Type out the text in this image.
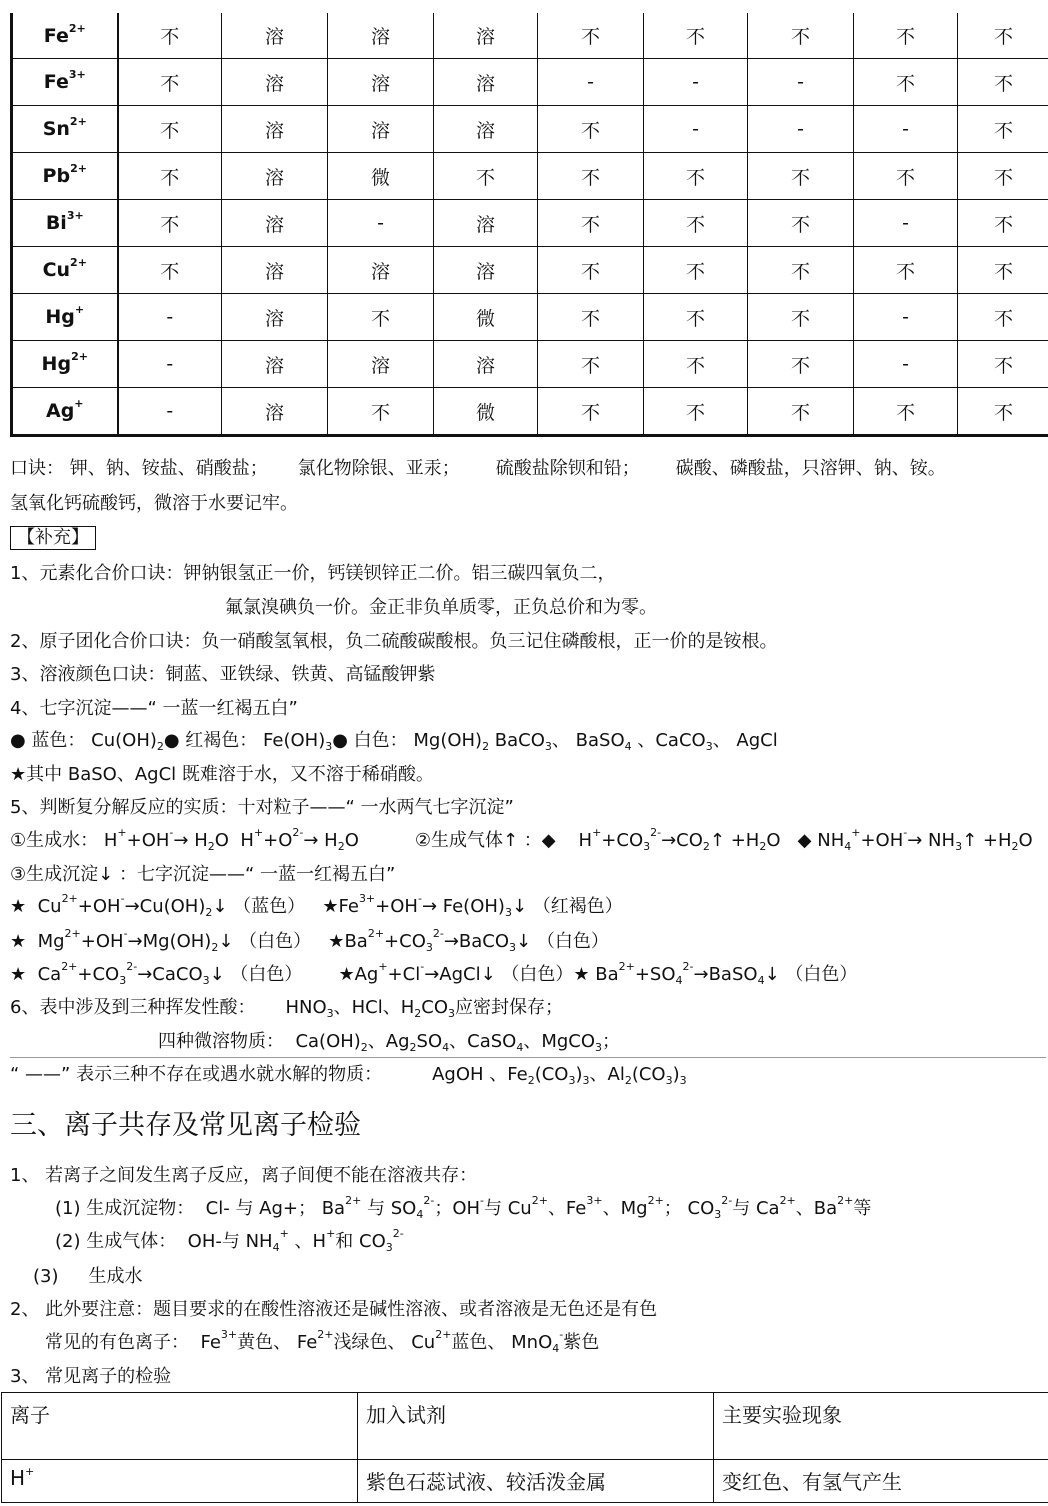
$Fe^{2+}$	不	溶	溶	溶	不	不	不	不	不
$Fe^{3+}$	不	溶	溶	溶	-	-	-	不	不
$Sn^{2+}$	不	溶	溶	溶	不	-	-	-	不
$Pb^{2+}$	不	溶	微	不	不	不	不	不	不
$Bi^{3+}$	不	溶	-	溶	不	不	不	-	不
$Cu^{2+}$	不	溶	溶	溶	不	不	不	不	不
Hg+	-	溶	不	微	不	不	不	-	不
$Hg^{2+}$	-	溶	溶	溶	不	不	不	-	不
Ag+	-	溶	不	微	不	不	不	不	不
口诀： 钾、钠、铵盐、硝酸盐； 氯化物除银、亚汞； 硫酸盐除钡和铅； 碳酸、磷酸盐，只溶钾、钠、铵。
氢氧化钙硫酸钙，微溶于水要记牢。
【补充】
1、元素化合价口诀：钾钠银氢正一价，钙镁钡锌正二价。铝三碳四氧负二，
氟氯溴碘负一价。金正非负单质零，正负总价和为零。
2、原子团化合价口诀：负一硝酸氢氧根，负二硫酸碳酸根。负三记住磷酸根，正一价的是铵根。
3、溶液颜色口诀：铜蓝、亚铁绿、铁黄、高锰酸钾紫
4、七字沉淀——“ 一蓝一红褐五白”
● 蓝色： $Cu(OH)_2●$ 红褐色： $Fe(OH)_3●$ 白色： $Mg(OH)_2$ BaCO$_3$、 BaSO$_4$ 、CaCO$_3$、 AgCl
★其中 BaSO、AgCl 既难溶于水，又不溶于稀硝酸。
5、判断复分解反应的实质：十对粒子——“ 一水两气七字沉淀”
①生成水： $H^++OH^-\to H_2O$  $H^++O^{2-}\to H_2O$	②生成气体↑ ：◆    $H^++CO_3^{2-}\to CO_2↑ +H_2O$   ◆ $NH_4^++OH^-\to$ $NH_3↑ +H_2O$
③生成沉淀↓ ：七字沉淀——“ 一蓝一红褐五白”
★  $Cu^{2+}+OH^-\to Cu(OH)_2↓$ （蓝色）   $★Fe^{3+}+OH^-\to$ $Fe(OH)_3↓$ （红褐色）
★  $Mg^{2+}+OH^-\to Mg(OH)_2↓$ （白色）   $★Ba^{2+}+CO_3^{2-}\to BaCO_3↓$ （白色）
★  $Ca^{2+}+CO_3^{2-}\to CaCO_3↓$ （白色） ★Ag++Cl-→AgCl↓ （白色）★ $Ba^{2+}+SO_4^{2-}\to BaSO_4↓$ （白色）
6、表中涉及到三种挥发性酸： $HNO_3$、HCl、$H_2CO_3$应密封保存；
四种微溶物质：  $Ca(OH)_2$、$Ag_2SO_4$、CaSO$_4$、MgCO$_3$；
“ ——” 表示三种不存在或遇水就水解的物质：	AgOH 、$Fe_2(CO_3)_3$、$Al_2(CO_3)_3$
三、离子共存及常见离子检验
1、 若离子之间发生离子反应，离子间便不能在溶液共存：
(1) 生成沉淀物：  Cl- 与 Ag+； $Ba^{2+}$ 与 $SO_4^{2-}$；OH-与 $Cu^{2+}$、$Fe^{3+}$、$Mg^{2+}$； $CO_3^{2-}$与 $Ca^{2+}$、$Ba^{2+}$等
(2) 生成气体：  OH-与 $NH_4^+$ 、H+和 $CO_3^{2-}$
(3) 生成水
2、 此外要注意：题目要求的在酸性溶液还是碱性溶液、或者溶液是无色还是有色
常见的有色离子：  $Fe^{3+}$黄色、 $Fe^{2+}$浅绿色、 $Cu^{2+}$蓝色、 MnO$_4$-紫色
3、 常见离子的检验
离子	加入试剂	主要实验现象
H+	紫色石蕊试液、较活泼金属	变红色、有氢气产生
